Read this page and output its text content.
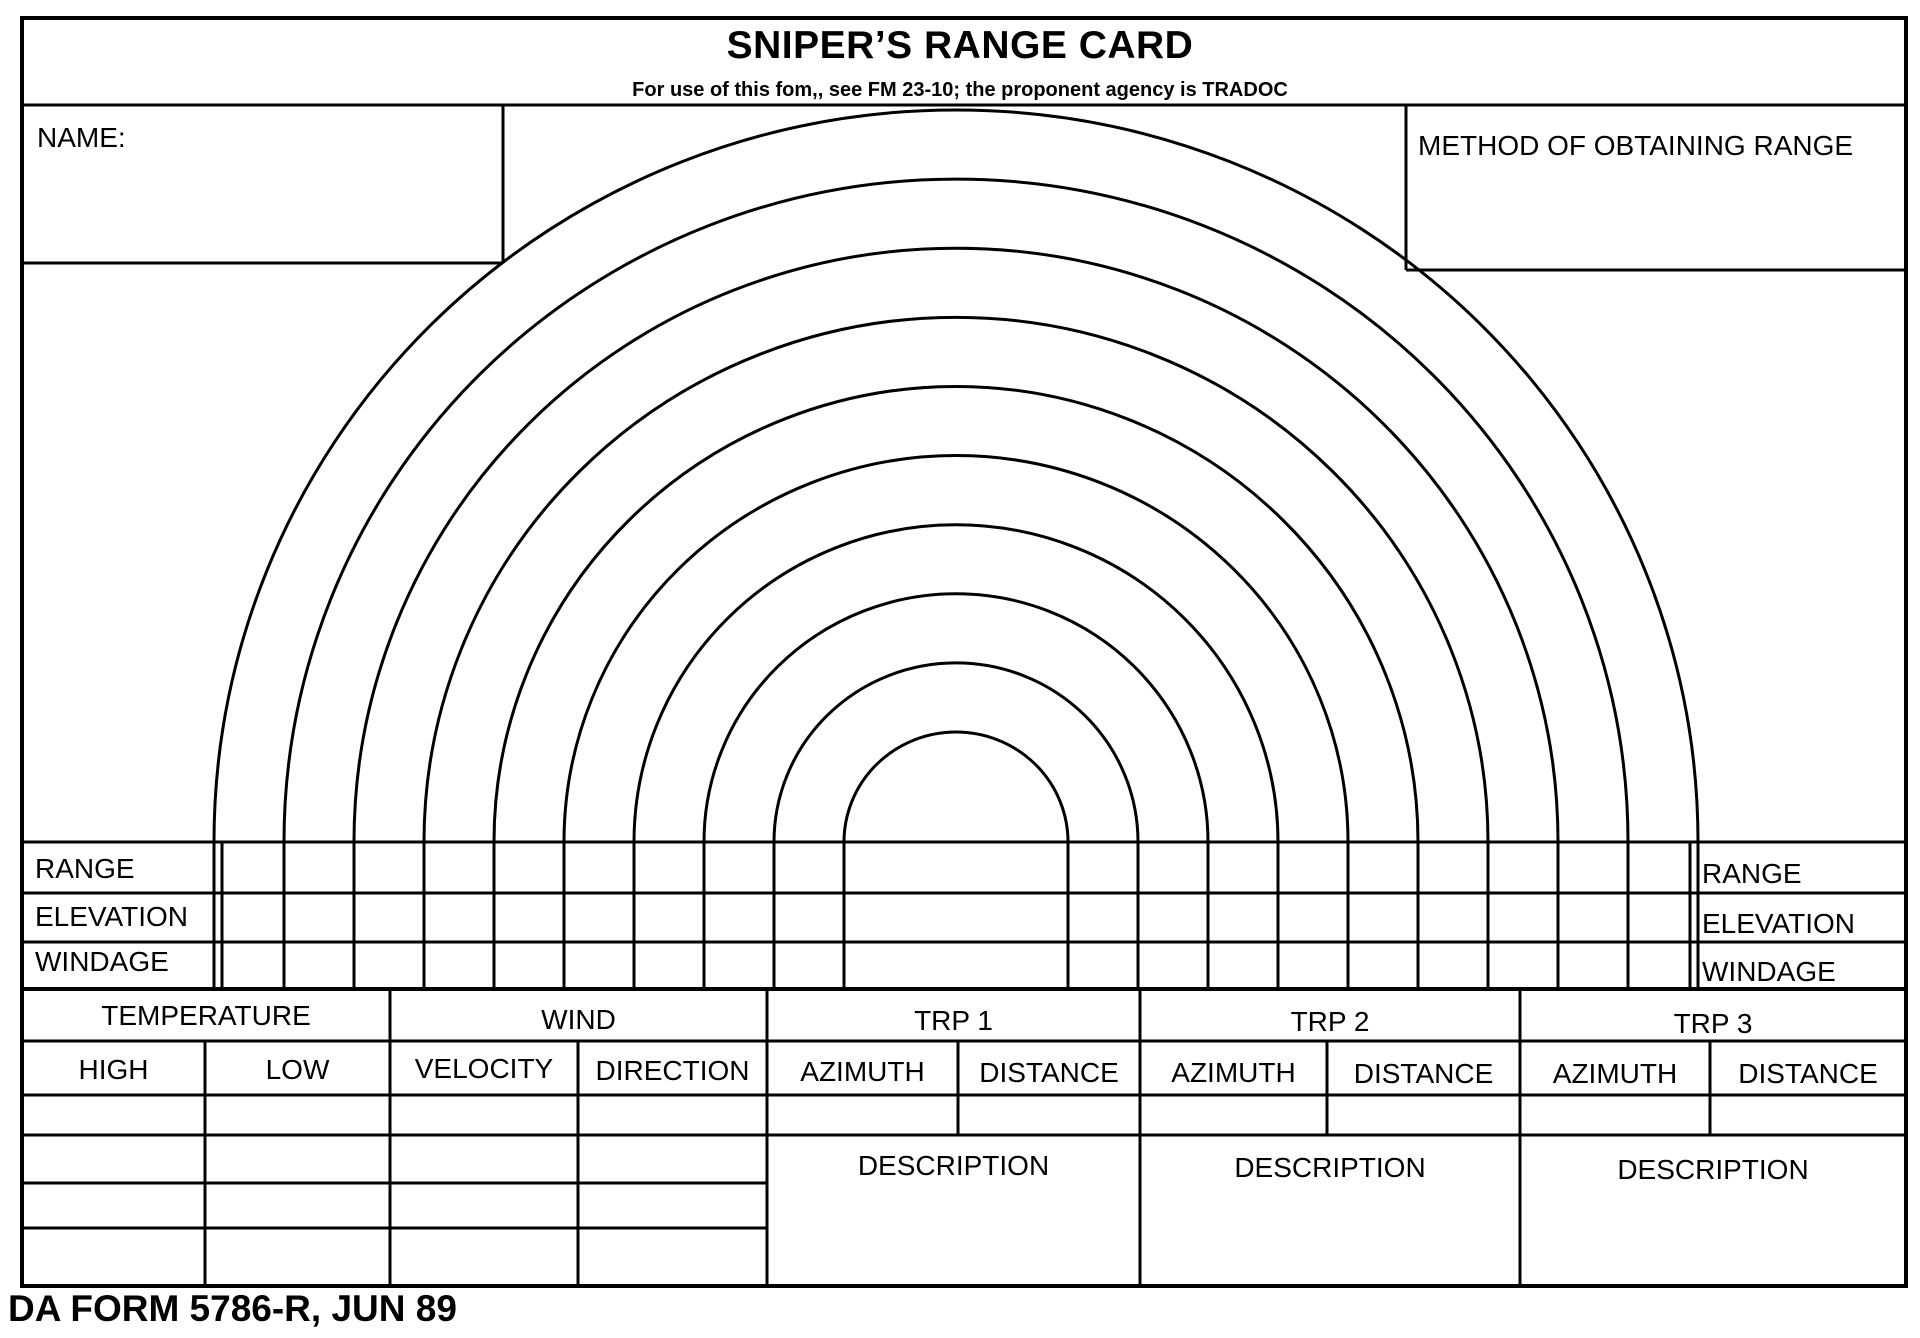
SNIPER’S RANGE CARD
For use of this fom,, see FM 23-10; the proponent agency is TRADOC
NAME:	METHOD OF OBTAINING RANGE
RANGE
ELEVATION
WINDAGE
RANGE
ELEVATION
WINDAGE
TEMPERATURE	WIND	TRP 1	TRP 2	TRP 3
HIGH	LOW	VELOCITY	DIRECTION	AZIMUTH	DISTANCE	AZIMUTH	DISTANCE	AZIMUTH	DISTANCE
DESCRIPTION	DESCRIPTION	DESCRIPTION
DA FORM 5786-R, JUN 89
